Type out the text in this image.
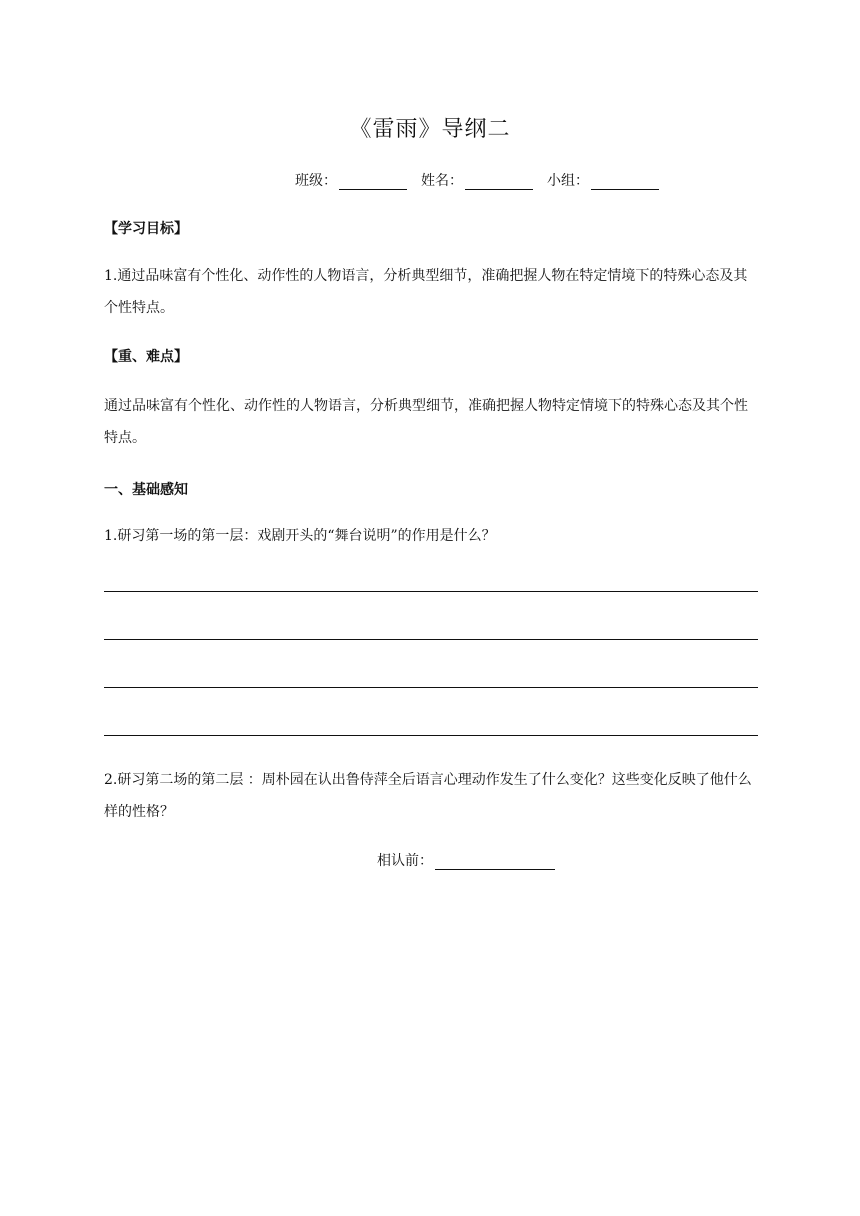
《雷雨》导纲二
班级：	姓名：	小组：
【学习目标】
1.通过品味富有个性化、动作性的人物语言，分析典型细节，准确把握人物在特定情境下的特殊心态及其个性特点。
【重、难点】
通过品味富有个性化、动作性的人物语言，分析典型细节，准确把握人物特定情境下的特殊心态及其个性特点。
一、基础感知
1.研习第一场的第一层：戏剧开头的“舞台说明”的作用是什么？
2.研习第二场的第二层 ：周朴园在认出鲁侍萍全后语言心理动作发生了什么变化？这些变化反映了他什么样的性格？
相认前：
